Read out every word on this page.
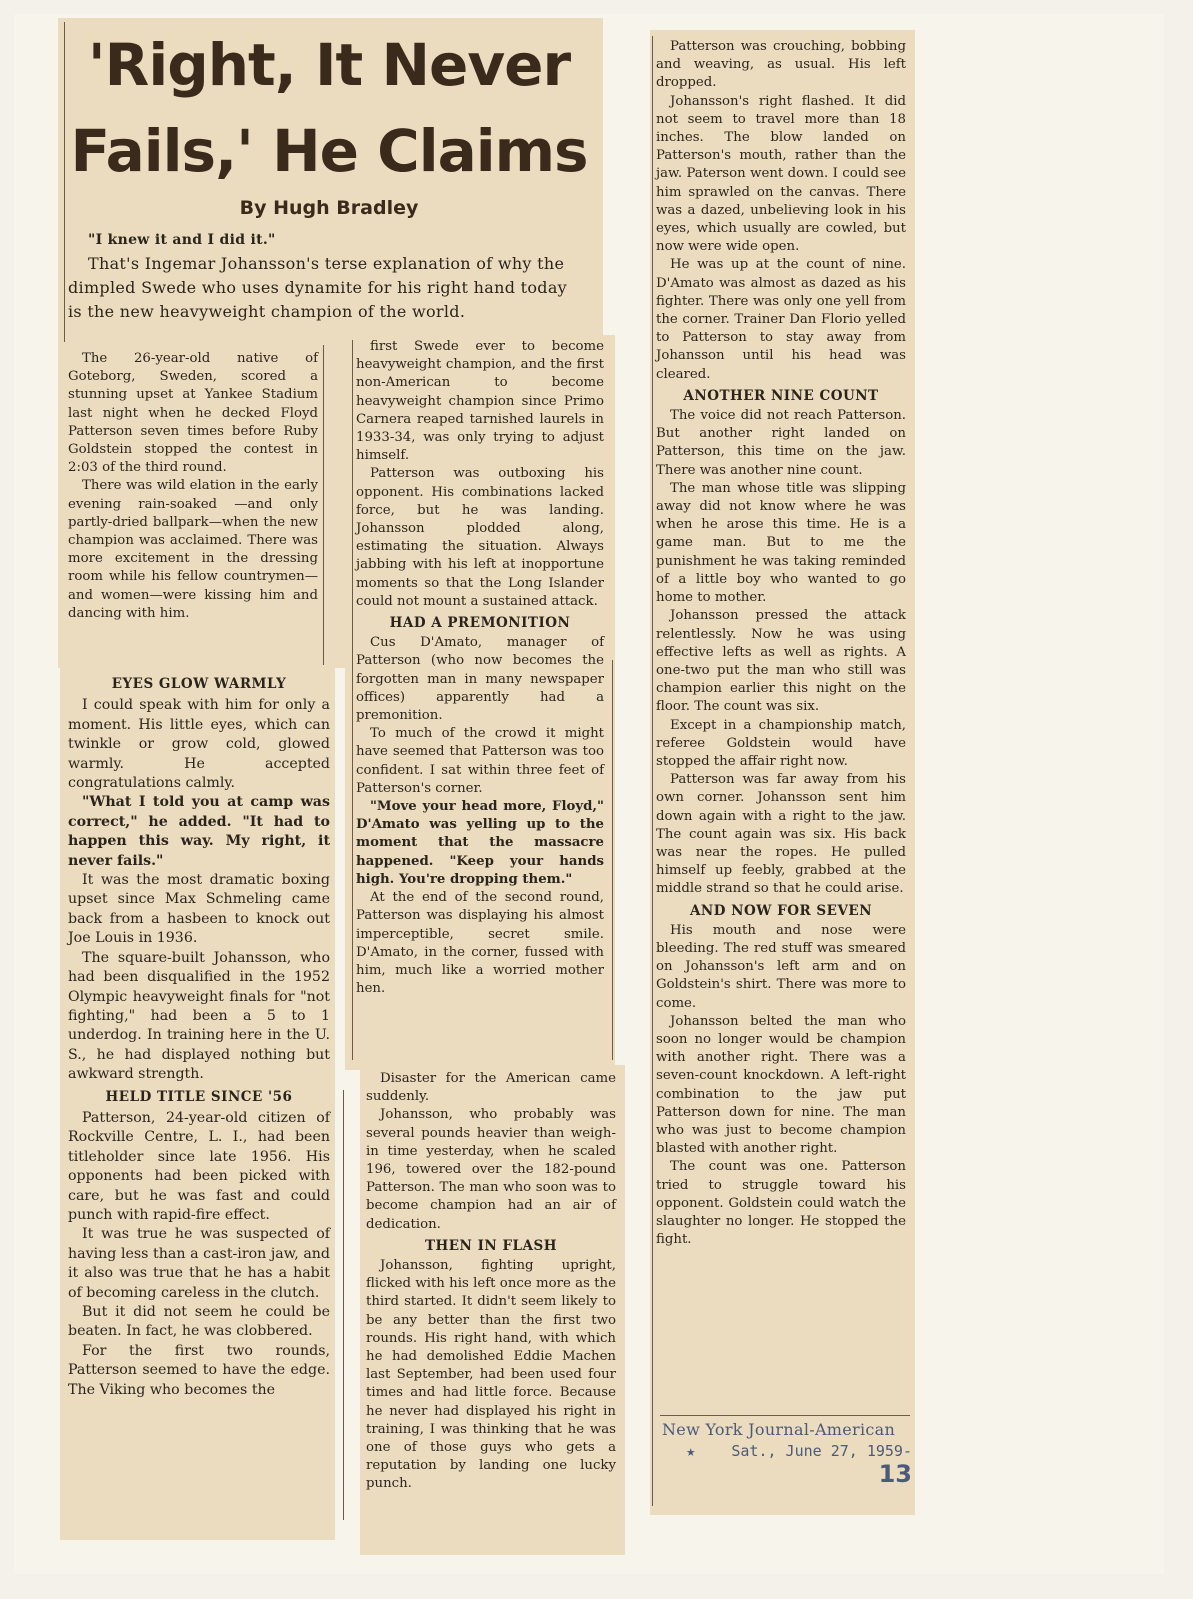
'Right, It Never
Fails,' He Claims
By Hugh Bradley

"I knew it and I did it."

That's Ingemar Johansson's terse explanation of why the dimpled Swede who uses dynamite for his right hand today is the new heavyweight champion of the world.

The 26-year-old native of Goteborg, Sweden, scored a stunning upset at Yankee Stadium last night when he decked Floyd Patterson seven times before Ruby Goldstein stopped the contest in 2:03 of the third round.

There was wild elation in the early evening rain-soaked —and only partly-dried ballpark—when the new champion was acclaimed. There was more excitement in the dressing room while his fellow countrymen—and women—were kissing him and dancing with him.

EYES GLOW WARMLY

I could speak with him for only a moment. His little eyes, which can twinkle or grow cold, glowed warmly. He accepted congratulations calmly.

"What I told you at camp was correct," he added. "It had to happen this way. My right, it never fails."

It was the most dramatic boxing upset since Max Schmeling came back from a hasbeen to knock out Joe Louis in 1936.

The square-built Johansson, who had been disqualified in the 1952 Olympic heavyweight finals for "not fighting," had been a 5 to 1 underdog. In training here in the U. S., he had displayed nothing but awkward strength.

HELD TITLE SINCE '56

Patterson, 24-year-old citizen of Rockville Centre, L. I., had been titleholder since late 1956. His opponents had been picked with care, but he was fast and could punch with rapid-fire effect.

It was true he was suspected of having less than a cast-iron jaw, and it also was true that he has a habit of becoming careless in the clutch.

But it did not seem he could be beaten. In fact, he was clobbered.

For the first two rounds, Patterson seemed to have the edge. The Viking who becomes the

first Swede ever to become heavyweight champion, and the first non-American to become heavyweight champion since Primo Carnera reaped tarnished laurels in 1933-34, was only trying to adjust himself.

Patterson was outboxing his opponent. His combinations lacked force, but he was landing. Johansson plodded along, estimating the situation. Always jabbing with his left at inopportune moments so that the Long Islander could not mount a sustained attack.

HAD A PREMONITION

Cus D'Amato, manager of Patterson (who now becomes the forgotten man in many newspaper offices) apparently had a premonition.

To much of the crowd it might have seemed that Patterson was too confident. I sat within three feet of Patterson's corner.

"Move your head more, Floyd," D'Amato was yelling up to the moment that the massacre happened. "Keep your hands high. You're dropping them."

At the end of the second round, Patterson was displaying his almost imperceptible, secret smile. D'Amato, in the corner, fussed with him, much like a worried mother hen.

Disaster for the American came suddenly.

Johansson, who probably was several pounds heavier than weigh-in time yesterday, when he scaled 196, towered over the 182-pound Patterson. The man who soon was to become champion had an air of dedication.

THEN IN FLASH

Johansson, fighting upright, flicked with his left once more as the third started. It didn't seem likely to be any better than the first two rounds. His right hand, with which he had demolished Eddie Machen last September, had been used four times and had little force. Because he never had displayed his right in training, I was thinking that he was one of those guys who gets a reputation by landing one lucky punch.

Patterson was crouching, bobbing and weaving, as usual. His left dropped.

Johansson's right flashed. It did not seem to travel more than 18 inches. The blow landed on Patterson's mouth, rather than the jaw. Paterson went down. I could see him sprawled on the canvas. There was a dazed, unbelieving look in his eyes, which usually are cowled, but now were wide open.

He was up at the count of nine. D'Amato was almost as dazed as his fighter. There was only one yell from the corner. Trainer Dan Florio yelled to Patterson to stay away from Johansson until his head was cleared.

ANOTHER NINE COUNT

The voice did not reach Patterson. But another right landed on Patterson, this time on the jaw. There was another nine count.

The man whose title was slipping away did not know where he was when he arose this time. He is a game man. But to me the punishment he was taking reminded of a little boy who wanted to go home to mother.

Johansson pressed the attack relentlessly. Now he was using effective lefts as well as rights. A one-two put the man who still was champion earlier this night on the floor. The count was six.

Except in a championship match, referee Goldstein would have stopped the affair right now.

Patterson was far away from his own corner. Johansson sent him down again with a right to the jaw. The count again was six. His back was near the ropes. He pulled himself up feebly, grabbed at the middle strand so that he could arise.

AND NOW FOR SEVEN

His mouth and nose were bleeding. The red stuff was smeared on Johansson's left arm and on Goldstein's shirt. There was more to come.

Johansson belted the man who soon no longer would be champion with another right. There was a seven-count knockdown. A left-right combination to the jaw put Patterson down for nine. The man who was just to become champion blasted with another right.

The count was one. Patterson tried to struggle toward his opponent. Goldstein could watch the slaughter no longer. He stopped the fight.

New York Journal-American
★ Sat., June 27, 1959-13
